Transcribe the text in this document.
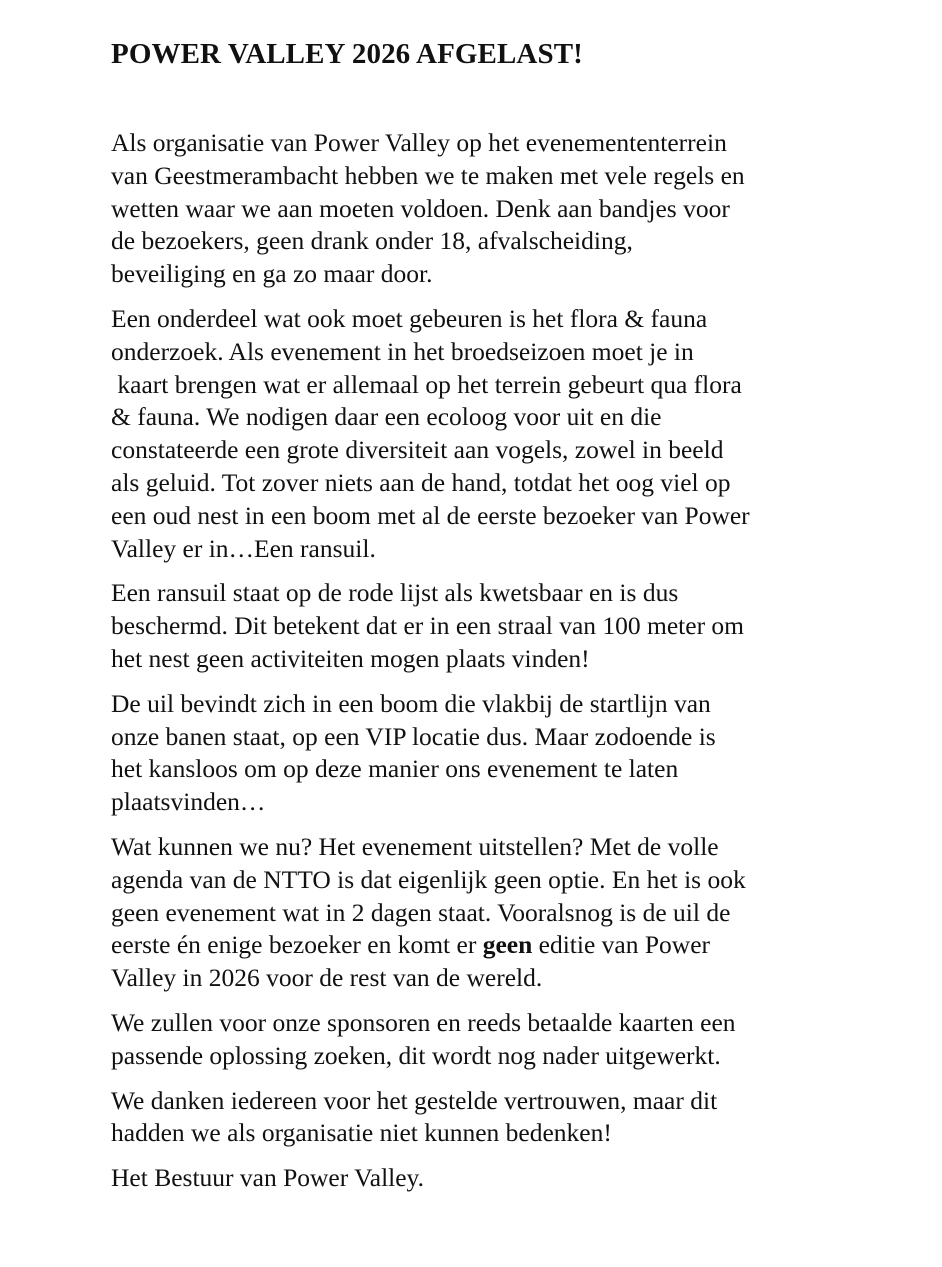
POWER VALLEY 2026 AFGELAST!

Als organisatie van Power Valley op het evenemententerrein
van Geestmerambacht hebben we te maken met vele regels en
wetten waar we aan moeten voldoen. Denk aan bandjes voor
de bezoekers, geen drank onder 18, afvalscheiding,
beveiliging en ga zo maar door.

Een onderdeel wat ook moet gebeuren is het flora & fauna
onderzoek. Als evenement in het broedseizoen moet je in
kaart brengen wat er allemaal op het terrein gebeurt qua flora
& fauna. We nodigen daar een ecoloog voor uit en die
constateerde een grote diversiteit aan vogels, zowel in beeld
als geluid. Tot zover niets aan de hand, totdat het oog viel op
een oud nest in een boom met al de eerste bezoeker van Power
Valley er in…Een ransuil.

Een ransuil staat op de rode lijst als kwetsbaar en is dus
beschermd. Dit betekent dat er in een straal van 100 meter om
het nest geen activiteiten mogen plaats vinden!

De uil bevindt zich in een boom die vlakbij de startlijn van
onze banen staat, op een VIP locatie dus. Maar zodoende is
het kansloos om op deze manier ons evenement te laten
plaatsvinden…

Wat kunnen we nu? Het evenement uitstellen? Met de volle
agenda van de NTTO is dat eigenlijk geen optie. En het is ook
geen evenement wat in 2 dagen staat. Vooralsnog is de uil de
eerste én enige bezoeker en komt er geen editie van Power
Valley in 2026 voor de rest van de wereld.

We zullen voor onze sponsoren en reeds betaalde kaarten een
passende oplossing zoeken, dit wordt nog nader uitgewerkt.

We danken iedereen voor het gestelde vertrouwen, maar dit
hadden we als organisatie niet kunnen bedenken!

Het Bestuur van Power Valley.
